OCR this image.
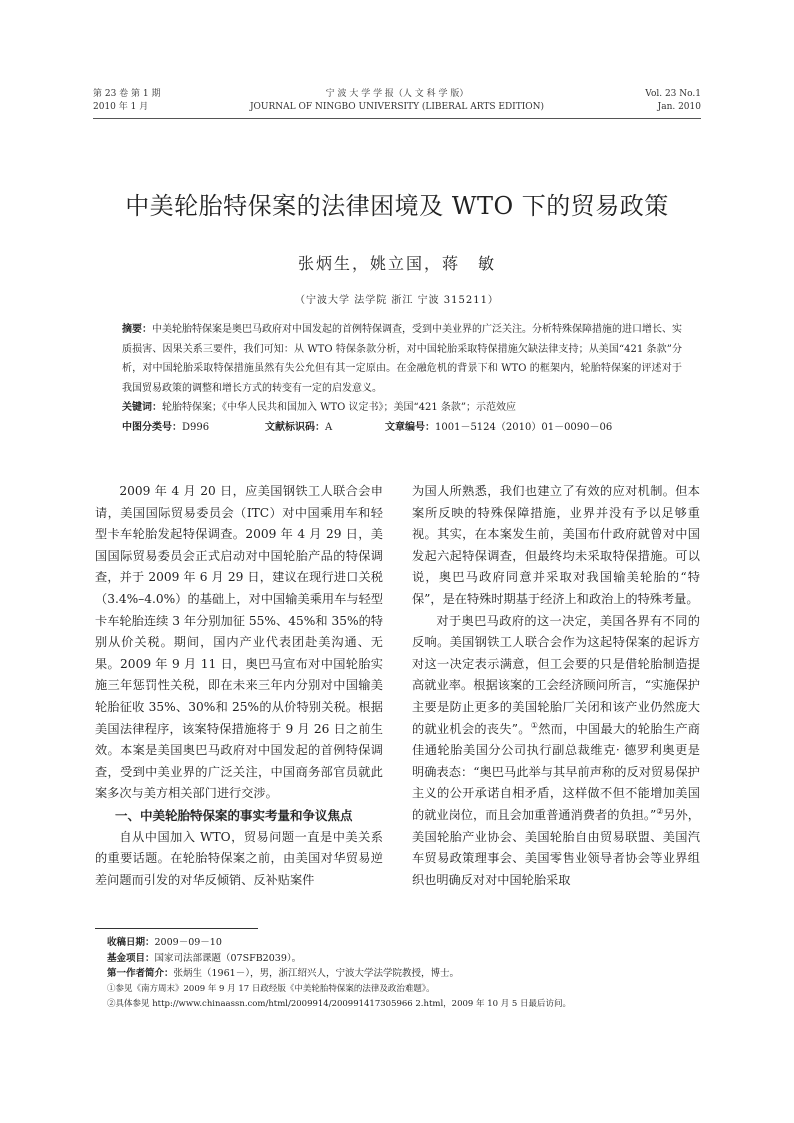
第 23 卷 第 1 期
2010 年 1 月
宁 波 大 学 学 报（人 文 科 学 版）
JOURNAL OF NINGBO UNIVERSITY (LIBERAL ARTS EDITION)
Vol. 23 No.1
Jan. 2010
中美轮胎特保案的法律困境及 WTO 下的贸易政策
张炳生，姚立国，蒋　敏
（宁波大学 法学院 浙江 宁波 315211）

摘要：中美轮胎特保案是奥巴马政府对中国发起的首例特保调查，受到中美业界的广泛关注。分析特殊保障措施的进口增长、实质损害、因果关系三要件，我们可知：从 WTO 特保条款分析，对中国轮胎采取特保措施欠缺法律支持；从美国“421 条款”分析，对中国轮胎采取特保措施虽然有失公允但有其一定原由。在金融危机的背景下和 WTO 的框架内，轮胎特保案的评述对于我国贸易政策的调整和增长方式的转变有一定的启发意义。

关键词：轮胎特保案；《中华人民共和国加入 WTO 议定书》；美国“421 条款”；示范效应

中图分类号：D996	文献标识码：A	文章编号：1001－5124（2010）01－0090－06

2009 年 4 月 20 日，应美国钢铁工人联合会申请，美国国际贸易委员会（ITC）对中国乘用车和轻型卡车轮胎发起特保调查。2009 年 4 月 29 日，美国国际贸易委员会正式启动对中国轮胎产品的特保调查，并于 2009 年 6 月 29 日，建议在现行进口关税（3.4%–4.0%）的基础上，对中国输美乘用车与轻型卡车轮胎连续 3 年分别加征 55%、45%和 35%的特别从价关税。期间，国内产业代表团赴美沟通、无果。2009 年 9 月 11 日，奥巴马宣布对中国轮胎实施三年惩罚性关税，即在未来三年内分别对中国输美轮胎征收 35%、30%和 25%的从价特别关税。根据美国法律程序，该案特保措施将于 9 月 26 日之前生效。本案是美国奥巴马政府对中国发起的首例特保调查，受到中美业界的广泛关注，中国商务部官员就此案多次与美方相关部门进行交涉。

一、中美轮胎特保案的事实考量和争议焦点

自从中国加入 WTO，贸易问题一直是中美关系的重要话题。在轮胎特保案之前，由美国对华贸易逆差问题而引发的对华反倾销、反补贴案件

为国人所熟悉，我们也建立了有效的应对机制。但本案所反映的特殊保障措施，业界并没有予以足够重视。其实，在本案发生前，美国布什政府就曾对中国发起六起特保调查，但最终均未采取特保措施。可以说，奥巴马政府同意并采取对我国输美轮胎的“特保”，是在特殊时期基于经济上和政治上的特殊考量。

对于奥巴马政府的这一决定，美国各界有不同的反响。美国钢铁工人联合会作为这起特保案的起诉方对这一决定表示满意，但工会要的只是借轮胎制造提高就业率。根据该案的工会经济顾问所言，“实施保护主要是防止更多的美国轮胎厂关闭和该产业仍然庞大的就业机会的丧失”。①然而，中国最大的轮胎生产商佳通轮胎美国分公司执行副总裁维克· 德罗利奥更是明确表态：“奥巴马此举与其早前声称的反对贸易保护主义的公开承诺自相矛盾，这样做不但不能增加美国的就业岗位，而且会加重普通消费者的负担。”②另外，美国轮胎产业协会、美国轮胎自由贸易联盟、美国汽车贸易政策理事会、美国零售业领导者协会等业界组织也明确反对对中国轮胎采取

收稿日期：2009－09－10
基金项目：国家司法部课题（07SFB2039）。
第一作者简介：张炳生（1961－），男，浙江绍兴人，宁波大学法学院教授，博士。
①参见《南方周末》2009 年 9 月 17 日政经版《中美轮胎特保案的法律及政治难题》。
②具体参见 http://www.chinaassn.com/html/2009914/200991417305966 2.html，2009 年 10 月 5 日最后访问。
